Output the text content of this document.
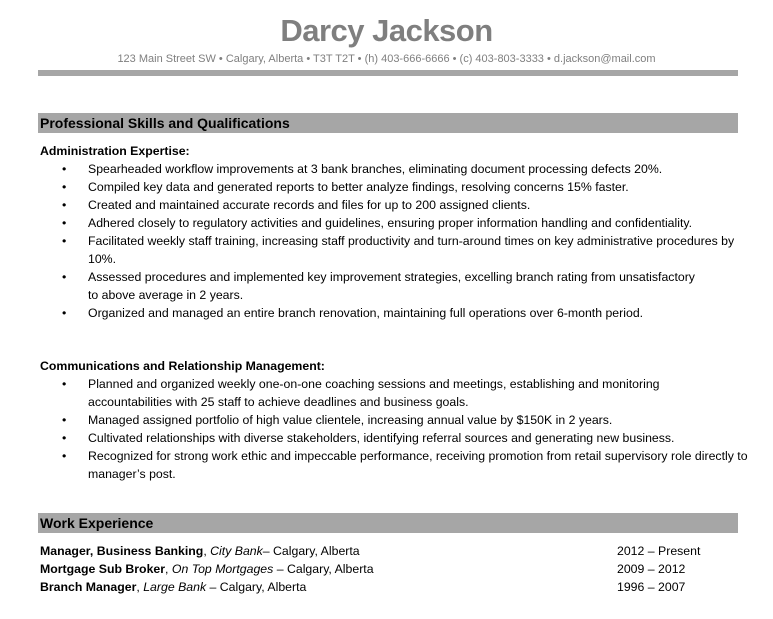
Darcy Jackson
123 Main Street SW • Calgary, Alberta • T3T T2T • (h) 403-666-6666 • (c) 403-803-3333 • d.jackson@mail.com
Professional Skills and Qualifications
Administration Expertise:
• Spearheaded workflow improvements at 3 bank branches, eliminating document processing defects 20%.
• Compiled key data and generated reports to better analyze findings, resolving concerns 15% faster.
• Created and maintained accurate records and files for up to 200 assigned clients.
• Adhered closely to regulatory activities and guidelines, ensuring proper information handling and confidentiality.
• Facilitated weekly staff training, increasing staff productivity and turn-around times on key administrative procedures by 10%.
• Assessed procedures and implemented key improvement strategies, excelling branch rating from unsatisfactory to above average in 2 years.
• Organized and managed an entire branch renovation, maintaining full operations over 6-month period.
Communications and Relationship Management:
• Planned and organized weekly one-on-one coaching sessions and meetings, establishing and monitoring accountabilities with 25 staff to achieve deadlines and business goals.
• Managed assigned portfolio of high value clientele, increasing annual value by $150K in 2 years.
• Cultivated relationships with diverse stakeholders, identifying referral sources and generating new business.
• Recognized for strong work ethic and impeccable performance, receiving promotion from retail supervisory role directly to manager’s post.
Work Experience
Manager, Business Banking, City Bank– Calgary, Alberta	2012 – Present
Mortgage Sub Broker, On Top Mortgages – Calgary, Alberta	2009 – 2012
Branch Manager, Large Bank – Calgary, Alberta	1996 – 2007
